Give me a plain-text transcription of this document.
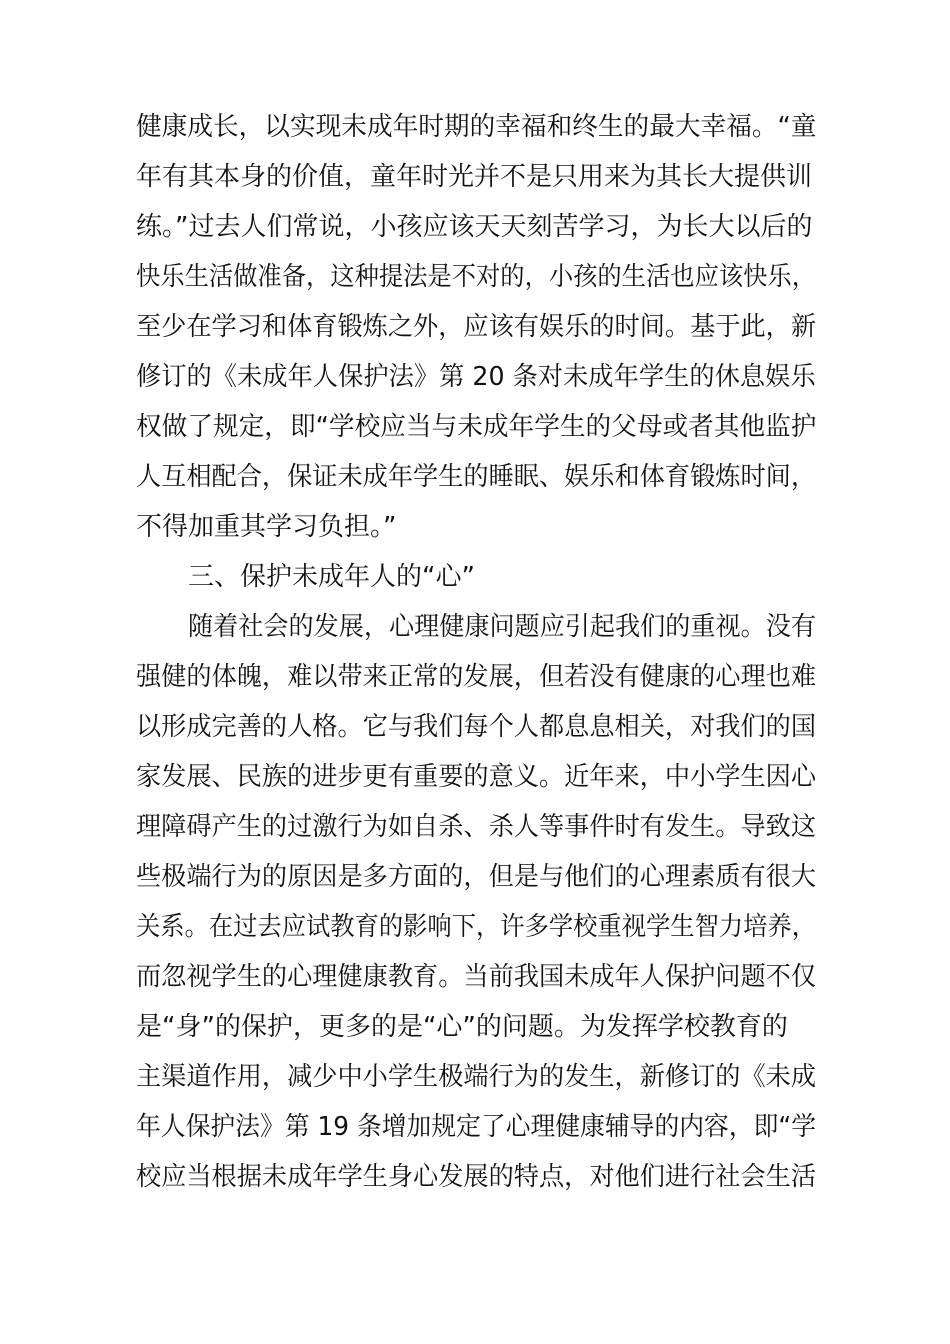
健康成长，以实现未成年时期的幸福和终生的最大幸福。“童
年有其本身的价值，童年时光并不是只用来为其长大提供训
练。”过去人们常说，小孩应该天天刻苦学习，为长大以后的
快乐生活做准备，这种提法是不对的，小孩的生活也应该快乐，
至少在学习和体育锻炼之外，应该有娱乐的时间。基于此，新
修订的《未成年人保护法》第 20 条对未成年学生的休息娱乐
权做了规定，即“学校应当与未成年学生的父母或者其他监护
人互相配合，保证未成年学生的睡眠、娱乐和体育锻炼时间，
不得加重其学习负担。”
三、保护未成年人的“心”
随着社会的发展，心理健康问题应引起我们的重视。没有
强健的体魄，难以带来正常的发展，但若没有健康的心理也难
以形成完善的人格。它与我们每个人都息息相关，对我们的国
家发展、民族的进步更有重要的意义。近年来，中小学生因心
理障碍产生的过激行为如自杀、杀人等事件时有发生。导致这
些极端行为的原因是多方面的，但是与他们的心理素质有很大
关系。在过去应试教育的影响下，许多学校重视学生智力培养，
而忽视学生的心理健康教育。当前我国未成年人保护问题不仅
是“身”的保护，更多的是“心”的问题。为发挥学校教育的
主渠道作用，减少中小学生极端行为的发生，新修订的《未成
年人保护法》第 19 条增加规定了心理健康辅导的内容，即“学
校应当根据未成年学生身心发展的特点，对他们进行社会生活
